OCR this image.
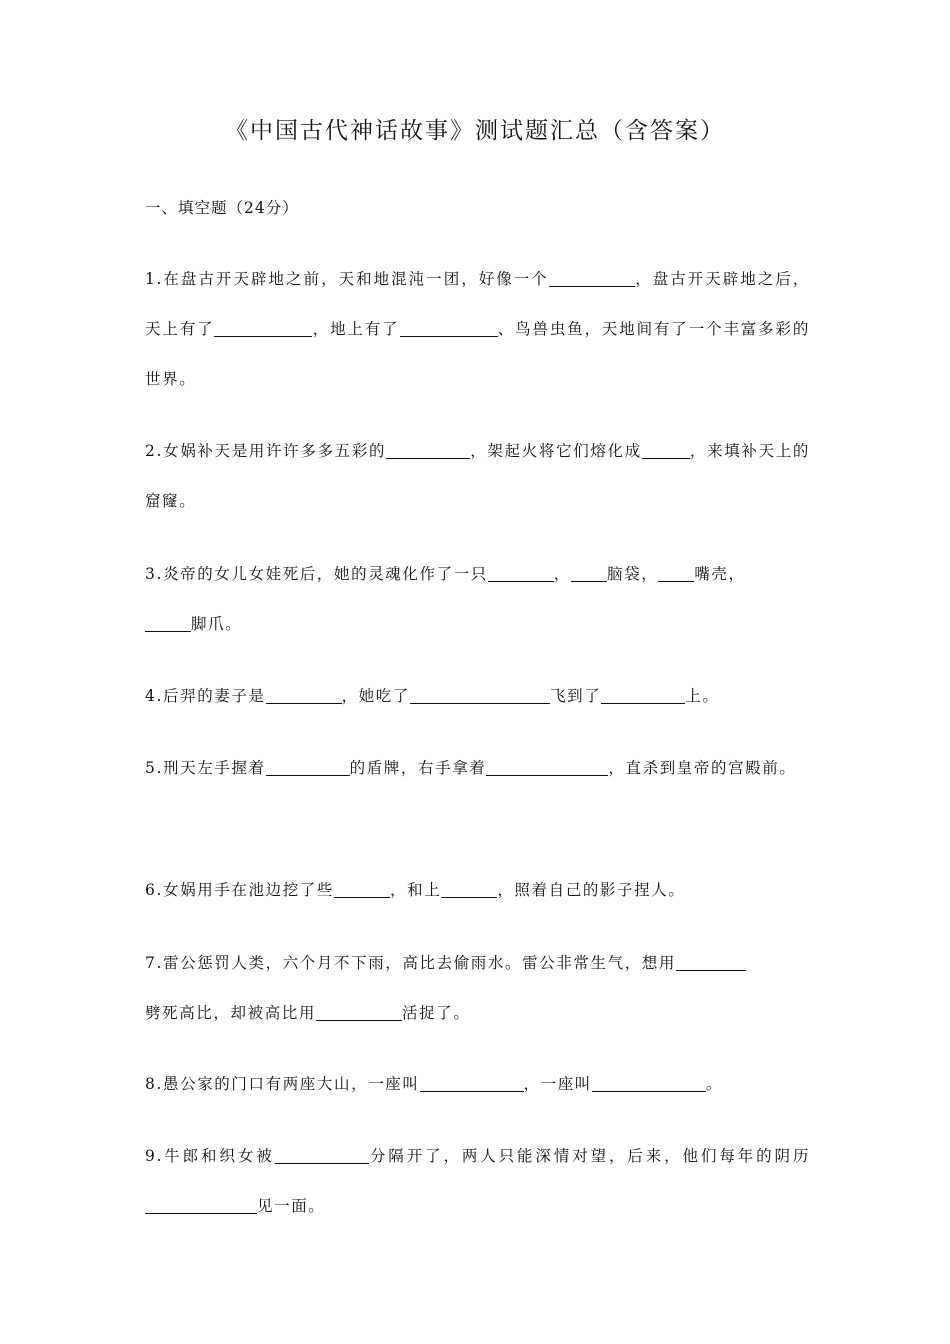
《中国古代神话故事》测试题汇总（含答案）
一、填空题（24分）
1.在盘古开天辟地之前，天和地混沌一团，好像一个	，盘古开天辟地之后，天上有了	，地上有了	、鸟兽虫鱼，天地间有了一个丰富多彩的世界。
2.女娲补天是用许许多多五彩的	，架起火将它们熔化成	，来填补天上的窟窿。
3.炎帝的女儿女娃死后，她的灵魂化作了一只	， 脑袋， 嘴壳，
脚爪。
4.后羿的妻子是	，她吃了	飞到了	上。
5.刑天左手握着	的盾牌，右手拿着	，直杀到皇帝的宫殿前。
6.女娲用手在池边挖了些	，和上	，照着自己的影子捏人。
7.雷公惩罚人类，六个月不下雨，高比去偷雨水。雷公非常生气，想用
劈死高比，却被高比用	活捉了。
8.愚公家的门口有两座大山，一座叫	，一座叫	。
9.牛郎和织女被	分隔开了，两人只能深情对望，后来，他们每年的阴历见一面。
